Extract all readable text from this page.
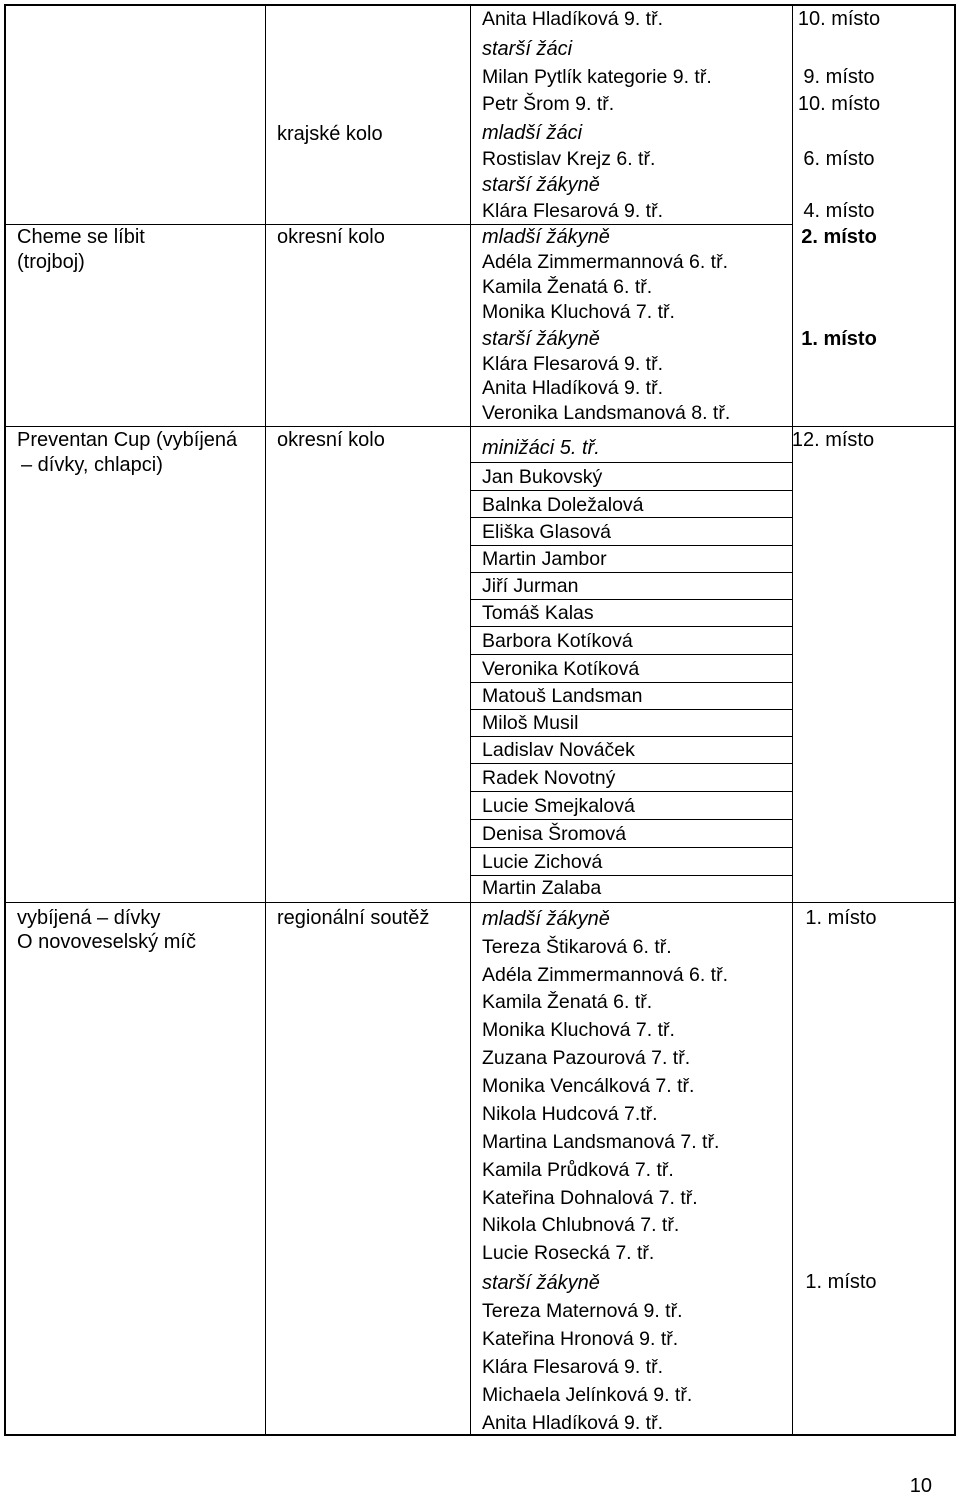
Anita Hladíková 9. tř.	10. místo
starší žáci
Milan Pytlík kategorie 9. tř.	9. místo
Petr Šrom 9. tř.	10. místo
krajské kolo	mladší žáci
Rostislav Krejz 6. tř.	6. místo
starší žákyně
Klára Flesarová 9. tř.	4. místo
Cheme se líbit
(trojboj)
okresní kolo	mladší žákyně	2. místo
Adéla Zimmermannová 6. tř.
Kamila Ženatá 6. tř.
Monika Kluchová 7. tř.
starší žákyně	1. místo
Klára Flesarová 9. tř.
Anita Hladíková 9. tř.
Veronika Landsmanová 8. tř.
Preventan Cup (vybíjená
– dívky, chlapci)
okresní kolo	minižáci 5. tř.	12. místo
Jan Bukovský
Balnka Doležalová
Eliška Glasová
Martin Jambor
Jiří Jurman
Tomáš Kalas
Barbora Kotíková
Veronika Kotíková
Matouš Landsman
Miloš Musil
Ladislav Nováček
Radek Novotný
Lucie Smejkalová
Denisa Šromová
Lucie Zichová
Martin Zalaba
vybíjená – dívky
O novoveselský míč
regionální soutěž	mladší žákyně	1. místo
Tereza Štikarová 6. tř.
Adéla Zimmermannová 6. tř.
Kamila Ženatá 6. tř.
Monika Kluchová 7. tř.
Zuzana Pazourová 7. tř.
Monika Vencálková 7. tř.
Nikola Hudcová 7.tř.
Martina Landsmanová 7. tř.
Kamila Průdková 7. tř.
Kateřina Dohnalová 7. tř.
Nikola Chlubnová 7. tř.
Lucie Rosecká 7. tř.
starší žákyně	1. místo
Tereza Maternová 9. tř.
Kateřina Hronová 9. tř.
Klára Flesarová 9. tř.
Michaela Jelínková 9. tř.
Anita Hladíková 9. tř.
10
